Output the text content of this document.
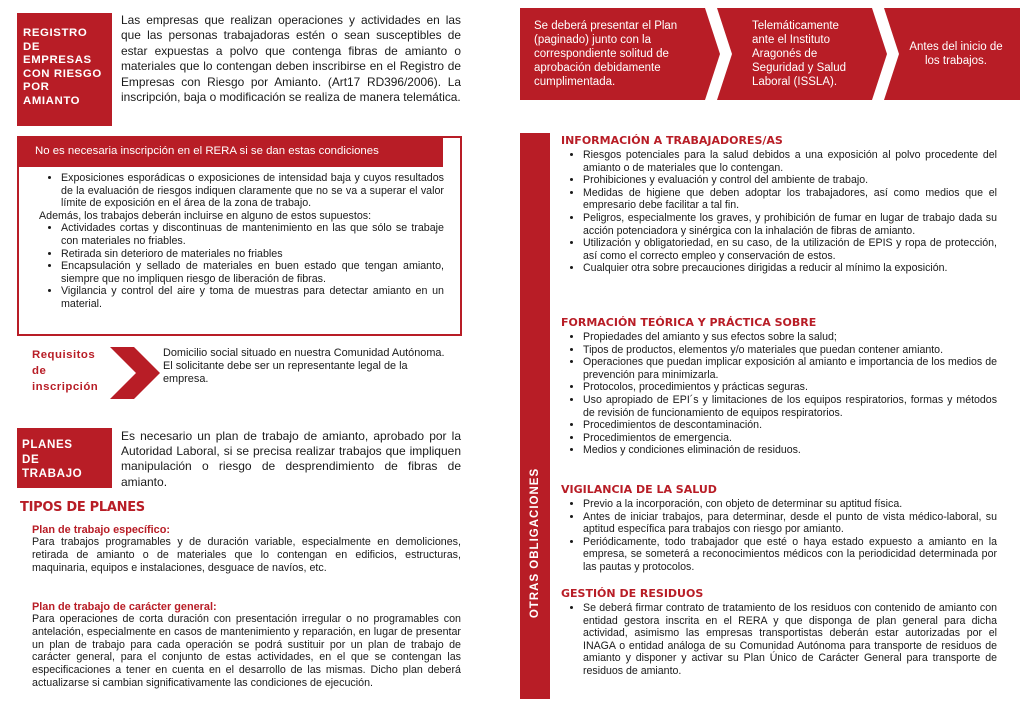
REGISTRO
DE
EMPRESAS
CON RIESGO
POR
AMIANTO
Las empresas que realizan operaciones y actividades en las que las personas trabajadoras estén o sean susceptibles de estar expuestas a polvo que contenga fibras de amianto o materiales que lo contengan deben inscribirse en el Registro de Empresas con Riesgo por Amianto. (Art17 RD396/2006). La inscripción, baja o modificación se realiza de manera telemática.
No es necesaria inscripción en el RERA si se dan estas condiciones
• Exposiciones esporádicas o exposiciones de intensidad baja y cuyos resultados de la evaluación de riesgos indiquen claramente que no se va a superar el valor límite de exposición en el área de la zona de trabajo.
Además, los trabajos deberán incluirse en alguno de estos supuestos:
• Actividades cortas y discontinuas de mantenimiento en las que sólo se trabaje con materiales no friables.
• Retirada sin deterioro de materiales no friables
• Encapsulación y sellado de materiales en buen estado que tengan amianto, siempre que no impliquen riesgo de liberación de fibras.
• Vigilancia y control del aire y toma de muestras para detectar amianto en un material.
Requisitos
de
inscripción
Domicilio social situado en nuestra Comunidad Autónoma.
El solicitante debe ser un representante legal de la empresa.
PLANES
DE
TRABAJO
Es necesario un plan de trabajo de amianto, aprobado por la Autoridad Laboral, si se precisa realizar trabajos que impliquen manipulación o riesgo de desprendimiento de fibras de amianto.
TIPOS DE PLANES
Plan de trabajo específico:
Para trabajos programables y de duración variable, especialmente en demoliciones, retirada de amianto o de materiales que lo contengan en edificios, estructuras, maquinaria, equipos e instalaciones, desguace de navíos, etc.
Plan de trabajo de carácter general:
Para operaciones de corta duración con presentación irregular o no programables con antelación, especialmente en casos de mantenimiento y reparación, en lugar de presentar un plan de trabajo para cada operación se podrá sustituir por un plan de trabajo de carácter general, para el conjunto de estas actividades, en el que se contengan las especificaciones a tener en cuenta en el desarrollo de las mismas. Dicho plan deberá actualizarse si cambian significativamente las condiciones de ejecución.
Se deberá presentar el Plan (paginado) junto con la correspondiente solitud de aprobación debidamente cumplimentada.
Telemáticamente ante el Instituto Aragonés de Seguridad y Salud Laboral (ISSLA).
Antes del inicio de los trabajos.
OTRAS OBLIGACIONES
INFORMACIÓN A TRABAJADORES/AS
• Riesgos potenciales para la salud debidos a una exposición al polvo procedente del amianto o de materiales que lo contengan.
• Prohibiciones y evaluación y control del ambiente de trabajo.
• Medidas de higiene que deben adoptar los trabajadores, así como medios que el empresario debe facilitar a tal fin.
• Peligros, especialmente los graves, y prohibición de fumar en lugar de trabajo dada su acción potenciadora y sinérgica con la inhalación de fibras de amianto.
• Utilización y obligatoriedad, en su caso, de la utilización de EPIS y ropa de protección, así como el correcto empleo y conservación de estos.
• Cualquier otra sobre precauciones dirigidas a reducir al mínimo la exposición.
FORMACIÓN TEÓRICA Y PRÁCTICA SOBRE
• Propiedades del amianto y sus efectos sobre la salud;
• Tipos de productos, elementos y/o materiales que puedan contener amianto.
• Operaciones que puedan implicar exposición al amianto e importancia de los medios de prevención para minimizarla.
• Protocolos, procedimientos y prácticas seguras.
• Uso apropiado de EPI´s y limitaciones de los equipos respiratorios, formas y métodos de revisión de funcionamiento de equipos respiratorios.
• Procedimientos de descontaminación.
• Procedimientos de emergencia.
• Medios y condiciones eliminación de residuos.
VIGILANCIA DE LA SALUD
• Previo a la incorporación, con objeto de determinar su aptitud física.
• Antes de iniciar trabajos, para determinar, desde el punto de vista médico-laboral, su aptitud específica para trabajos con riesgo por amianto.
• Periódicamente, todo trabajador que esté o haya estado expuesto a amianto en la empresa, se someterá a reconocimientos médicos con la periodicidad determinada por las pautas y protocolos.
GESTIÓN DE RESIDUOS
• Se deberá firmar contrato de tratamiento de los residuos con contenido de amianto con entidad gestora inscrita en el RERA y que disponga de plan general para dicha actividad, asimismo las empresas transportistas deberán estar autorizadas por el INAGA o entidad análoga de su Comunidad Autónoma para transporte de residuos de amianto y disponer y activar su Plan Único de Carácter General para transporte de residuos de amianto.
